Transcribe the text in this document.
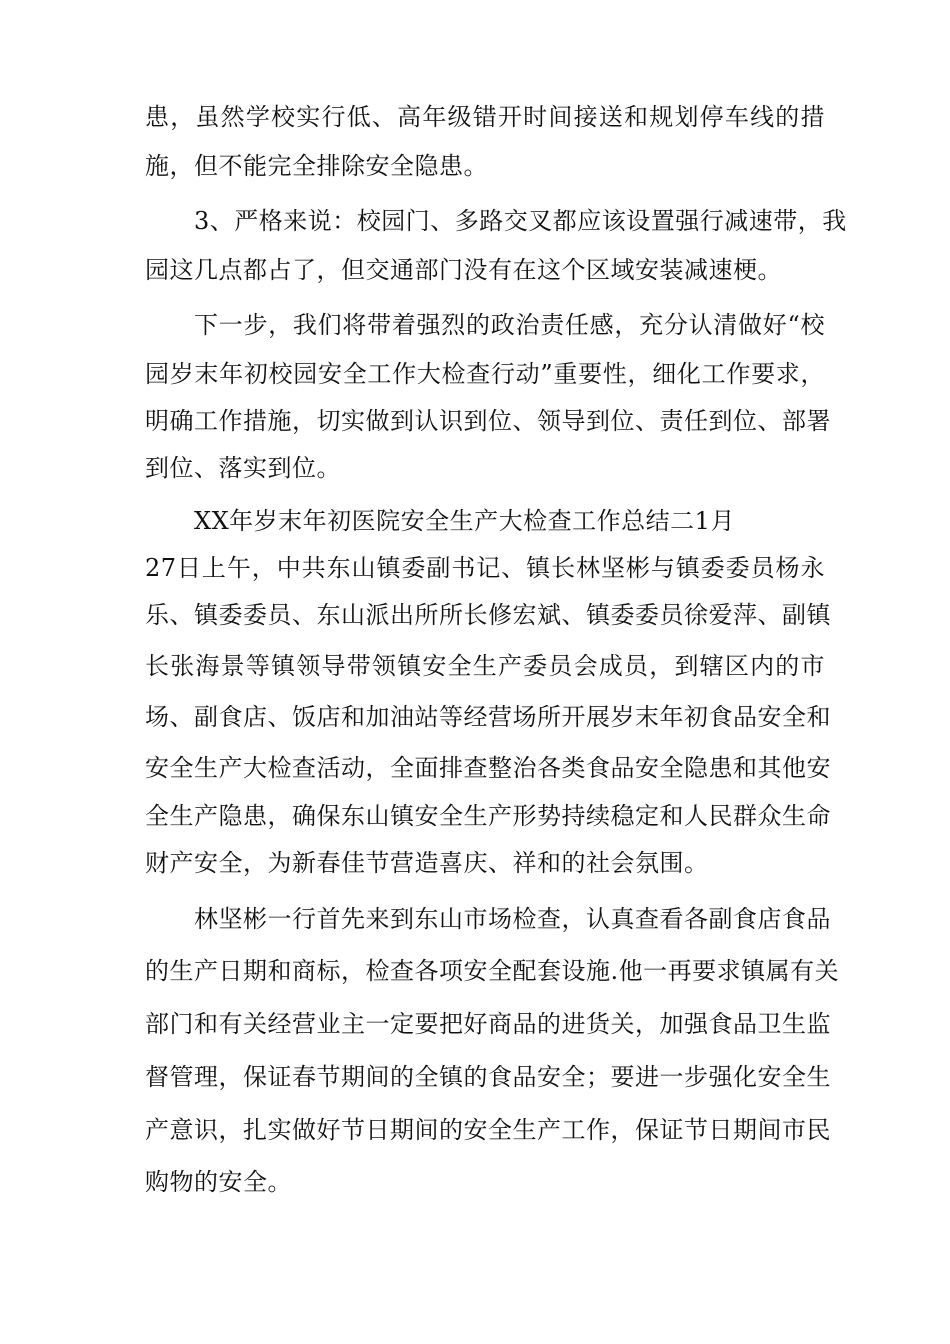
患，虽然学校实行低、高年级错开时间接送和规划停车线的措
施，但不能完全排除安全隐患。
3、严格来说：校园门、多路交叉都应该设置强行减速带，我
园这几点都占了，但交通部门没有在这个区域安装减速梗。
下一步，我们将带着强烈的政治责任感，充分认清做好“校
园岁末年初校园安全工作大检查行动”重要性，细化工作要求，
明确工作措施，切实做到认识到位、领导到位、责任到位、部署
到位、落实到位。
XX年岁末年初医院安全生产大检查工作总结二1月
27日上午，中共东山镇委副书记、镇长林坚彬与镇委委员杨永
乐、镇委委员、东山派出所所长修宏斌、镇委委员徐爱萍、副镇
长张海景等镇领导带领镇安全生产委员会成员，到辖区内的市
场、副食店、饭店和加油站等经营场所开展岁末年初食品安全和
安全生产大检查活动，全面排查整治各类食品安全隐患和其他安
全生产隐患，确保东山镇安全生产形势持续稳定和人民群众生命
财产安全，为新春佳节营造喜庆、祥和的社会氛围。
林坚彬一行首先来到东山市场检查，认真查看各副食店食品
的生产日期和商标，检查各项安全配套设施.他一再要求镇属有关
部门和有关经营业主一定要把好商品的进货关，加强食品卫生监
督管理，保证春节期间的全镇的食品安全；要进一步强化安全生
产意识，扎实做好节日期间的安全生产工作，保证节日期间市民
购物的安全。
